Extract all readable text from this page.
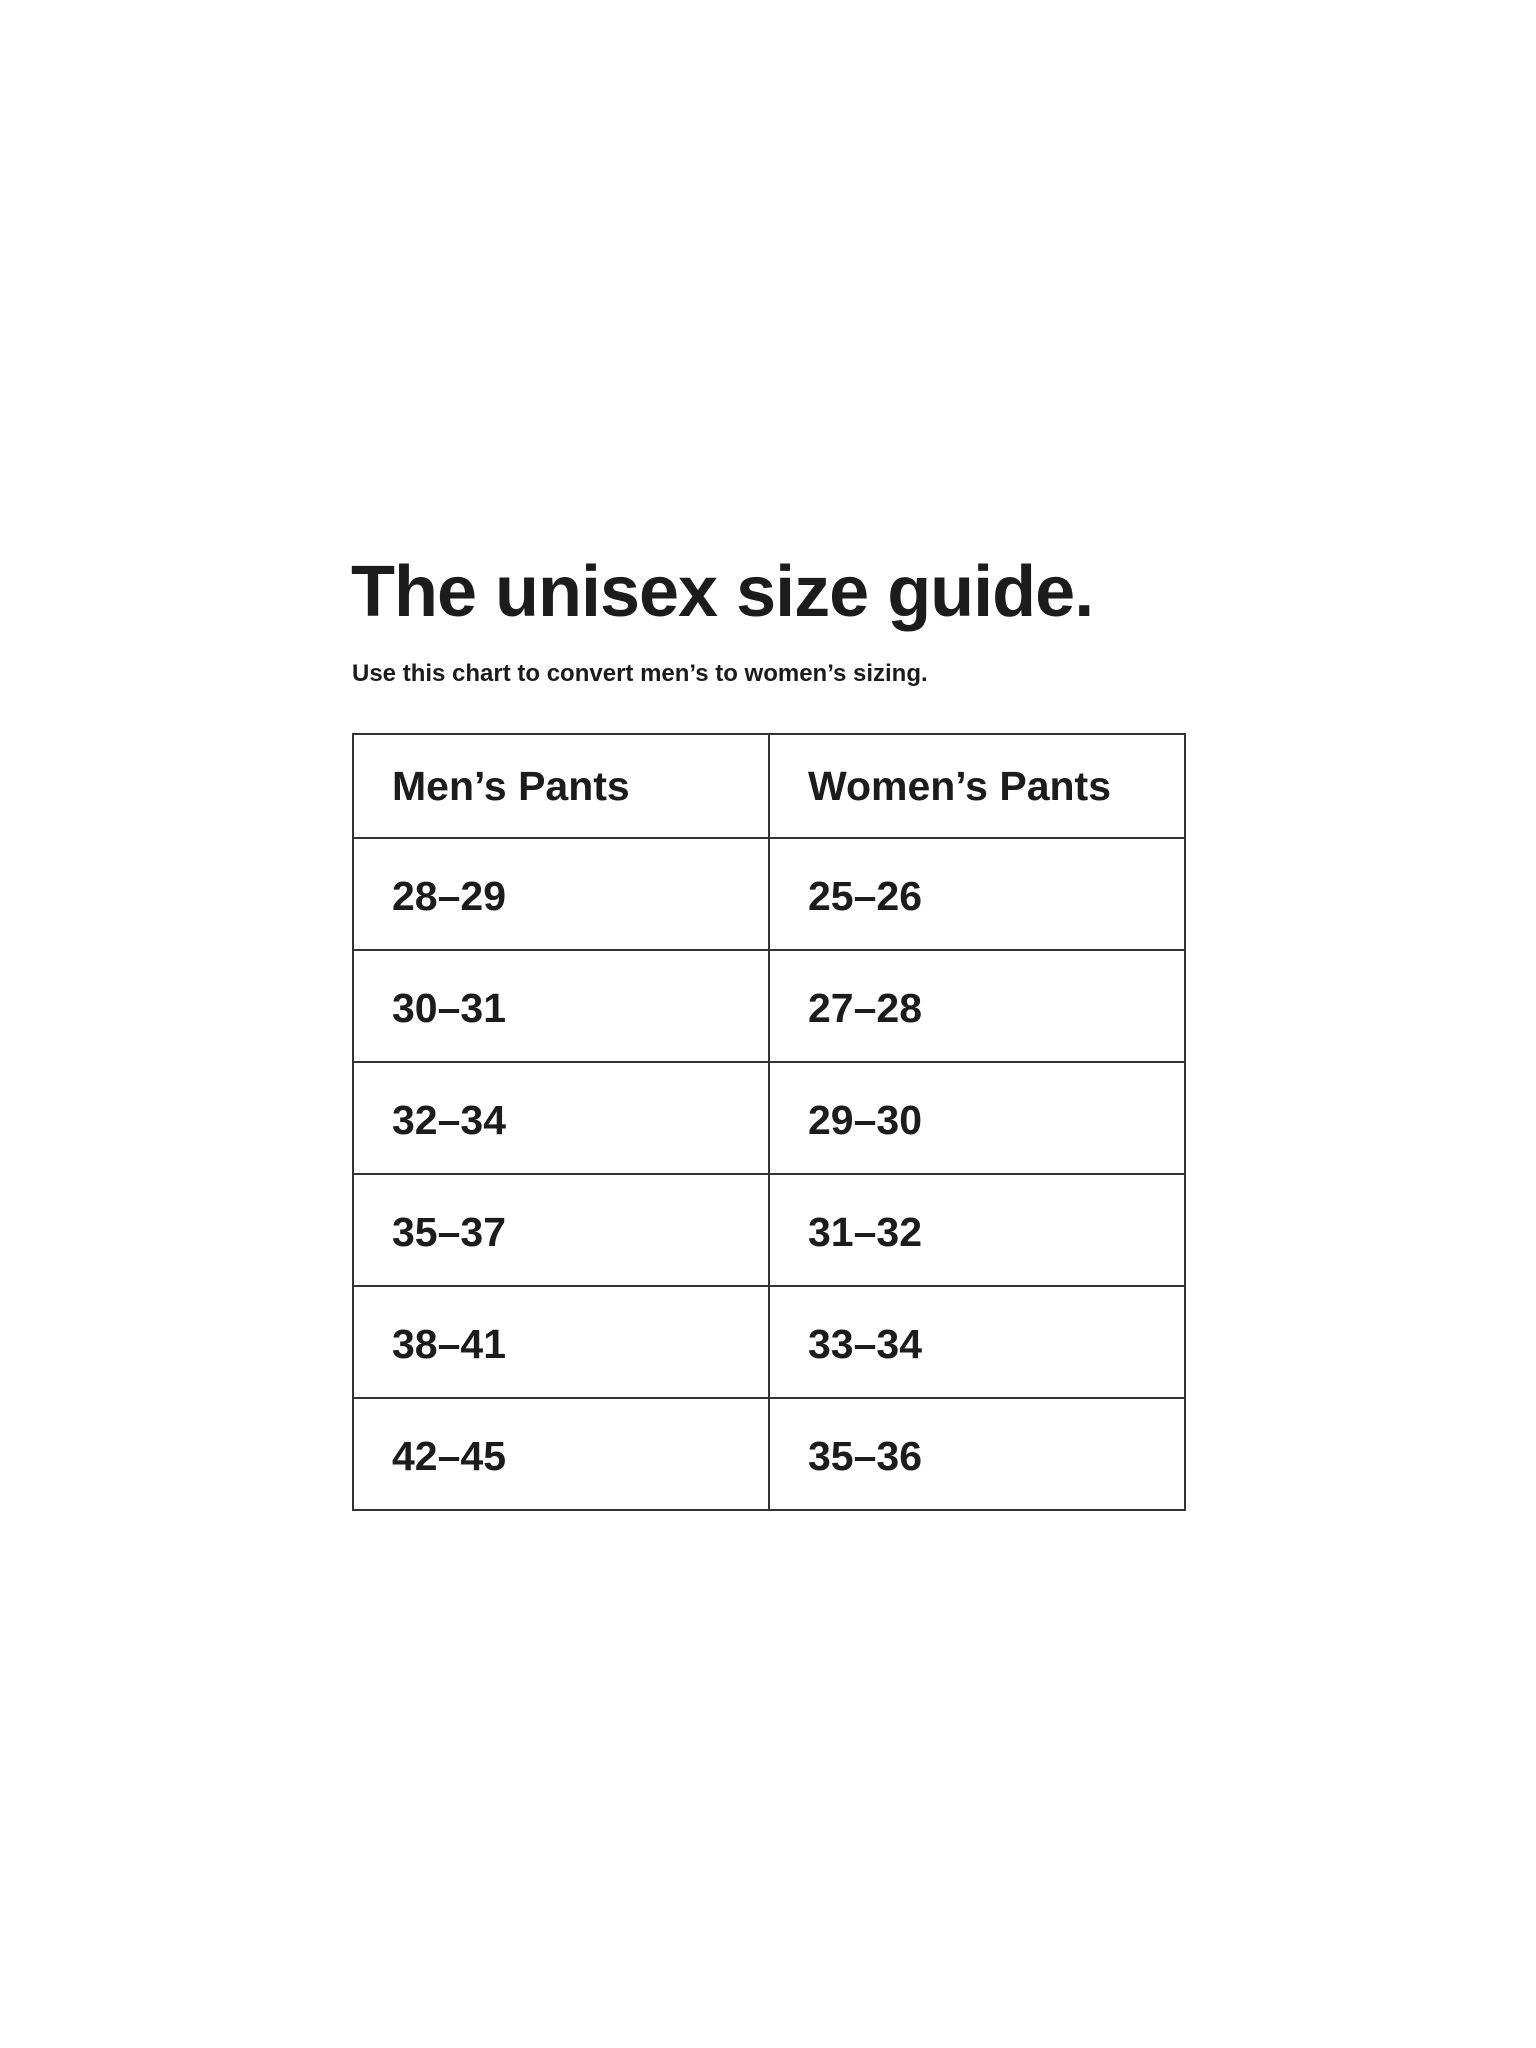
The unisex size guide.

Use this chart to convert men’s to women’s sizing.

Men’s Pants	Women’s Pants
28–29	25–26
30–31	27–28
32–34	29–30
35–37	31–32
38–41	33–34
42–45	35–36
